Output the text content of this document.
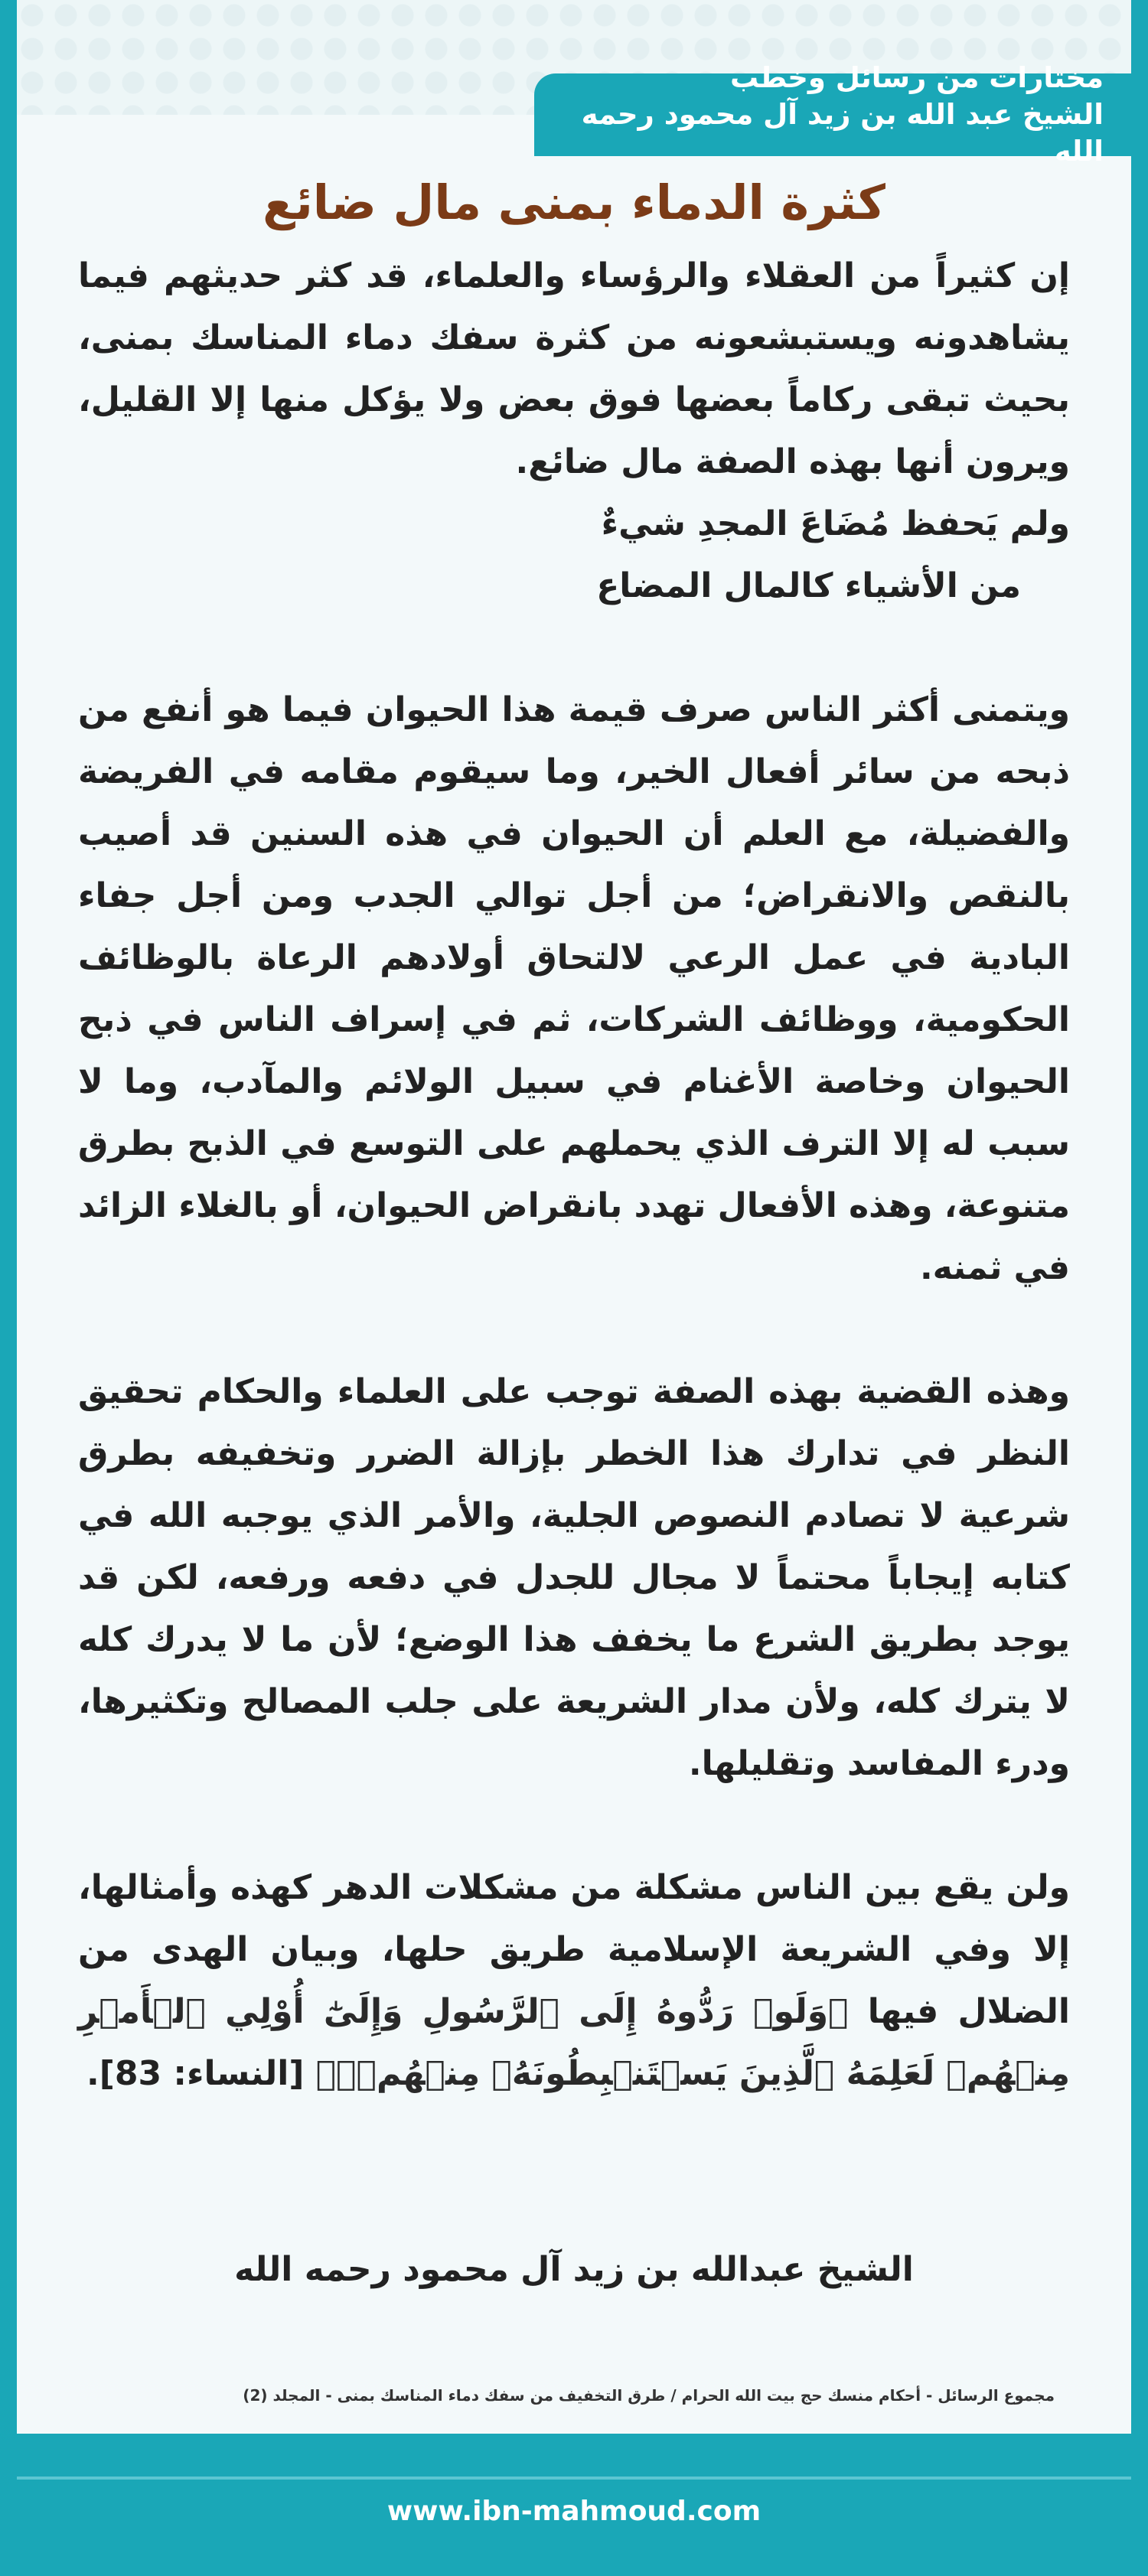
مختارات من رسائل وخطب
الشيخ عبد الله بن زيد آل محمود رحمه الله
كثرة الدماء بمنى مال ضائع

إن كثيراً من العقلاء والرؤساء والعلماء، قد كثر حديثهم فيما يشاهدونه ويستبشعونه من كثرة سفك دماء المناسك بمنى، بحيث تبقى ركاماً بعضها فوق بعض ولا يؤكل منها إلا القليل، ويرون أنها بهذه الصفة مال ضائع.

ولم يَحفظ مُضَاعَ المجدِ شيءٌ
من الأشياء كالمال المضاع

ويتمنى أكثر الناس صرف قيمة هذا الحيوان فيما هو أنفع من ذبحه من سائر أفعال الخير، وما سيقوم مقامه في الفريضة والفضيلة، مع العلم أن الحيوان في هذه السنين قد أصيب بالنقص والانقراض؛ من أجل توالي الجدب ومن أجل جفاء البادية في عمل الرعي لالتحاق أولادهم الرعاة بالوظائف الحكومية، ووظائف الشركات، ثم في إسراف الناس في ذبح الحيوان وخاصة الأغنام في سبيل الولائم والمآدب، وما لا سبب له إلا الترف الذي يحملهم على التوسع في الذبح بطرق متنوعة، وهذه الأفعال تهدد بانقراض الحيوان، أو بالغلاء الزائد في ثمنه.

وهذه القضية بهذه الصفة توجب على العلماء والحكام تحقيق النظر في تدارك هذا الخطر بإزالة الضرر وتخفيفه بطرق شرعية لا تصادم النصوص الجلية، والأمر الذي يوجبه الله في كتابه إيجاباً محتماً لا مجال للجدل في دفعه ورفعه، لكن قد يوجد بطريق الشرع ما يخفف هذا الوضع؛ لأن ما لا يدرك كله لا يترك كله، ولأن مدار الشريعة على جلب المصالح وتكثيرها، ودرء المفاسد وتقليلها.

ولن يقع بين الناس مشكلة من مشكلات الدهر كهذه وأمثالها، إلا وفي الشريعة الإسلامية طريق حلها، وبيان الهدى من الضلال فيها ﴿وَلَوۡ رَدُّوهُ إِلَى ٱلرَّسُولِ وَإِلَىٰٓ أُوْلِي ٱلۡأَمۡرِ مِنۡهُمۡ لَعَلِمَهُ ٱلَّذِينَ يَسۡتَنۢبِطُونَهُۥ مِنۡهُمۡۗ﴾ [النساء: 83].

الشيخ عبدالله بن زيد آل محمود رحمه الله
مجموع الرسائل - أحكام منسك حج بيت الله الحرام / طرق التخفيف من سفك دماء المناسك بمنى - المجلد (2)
www.ibn-mahmoud.com
